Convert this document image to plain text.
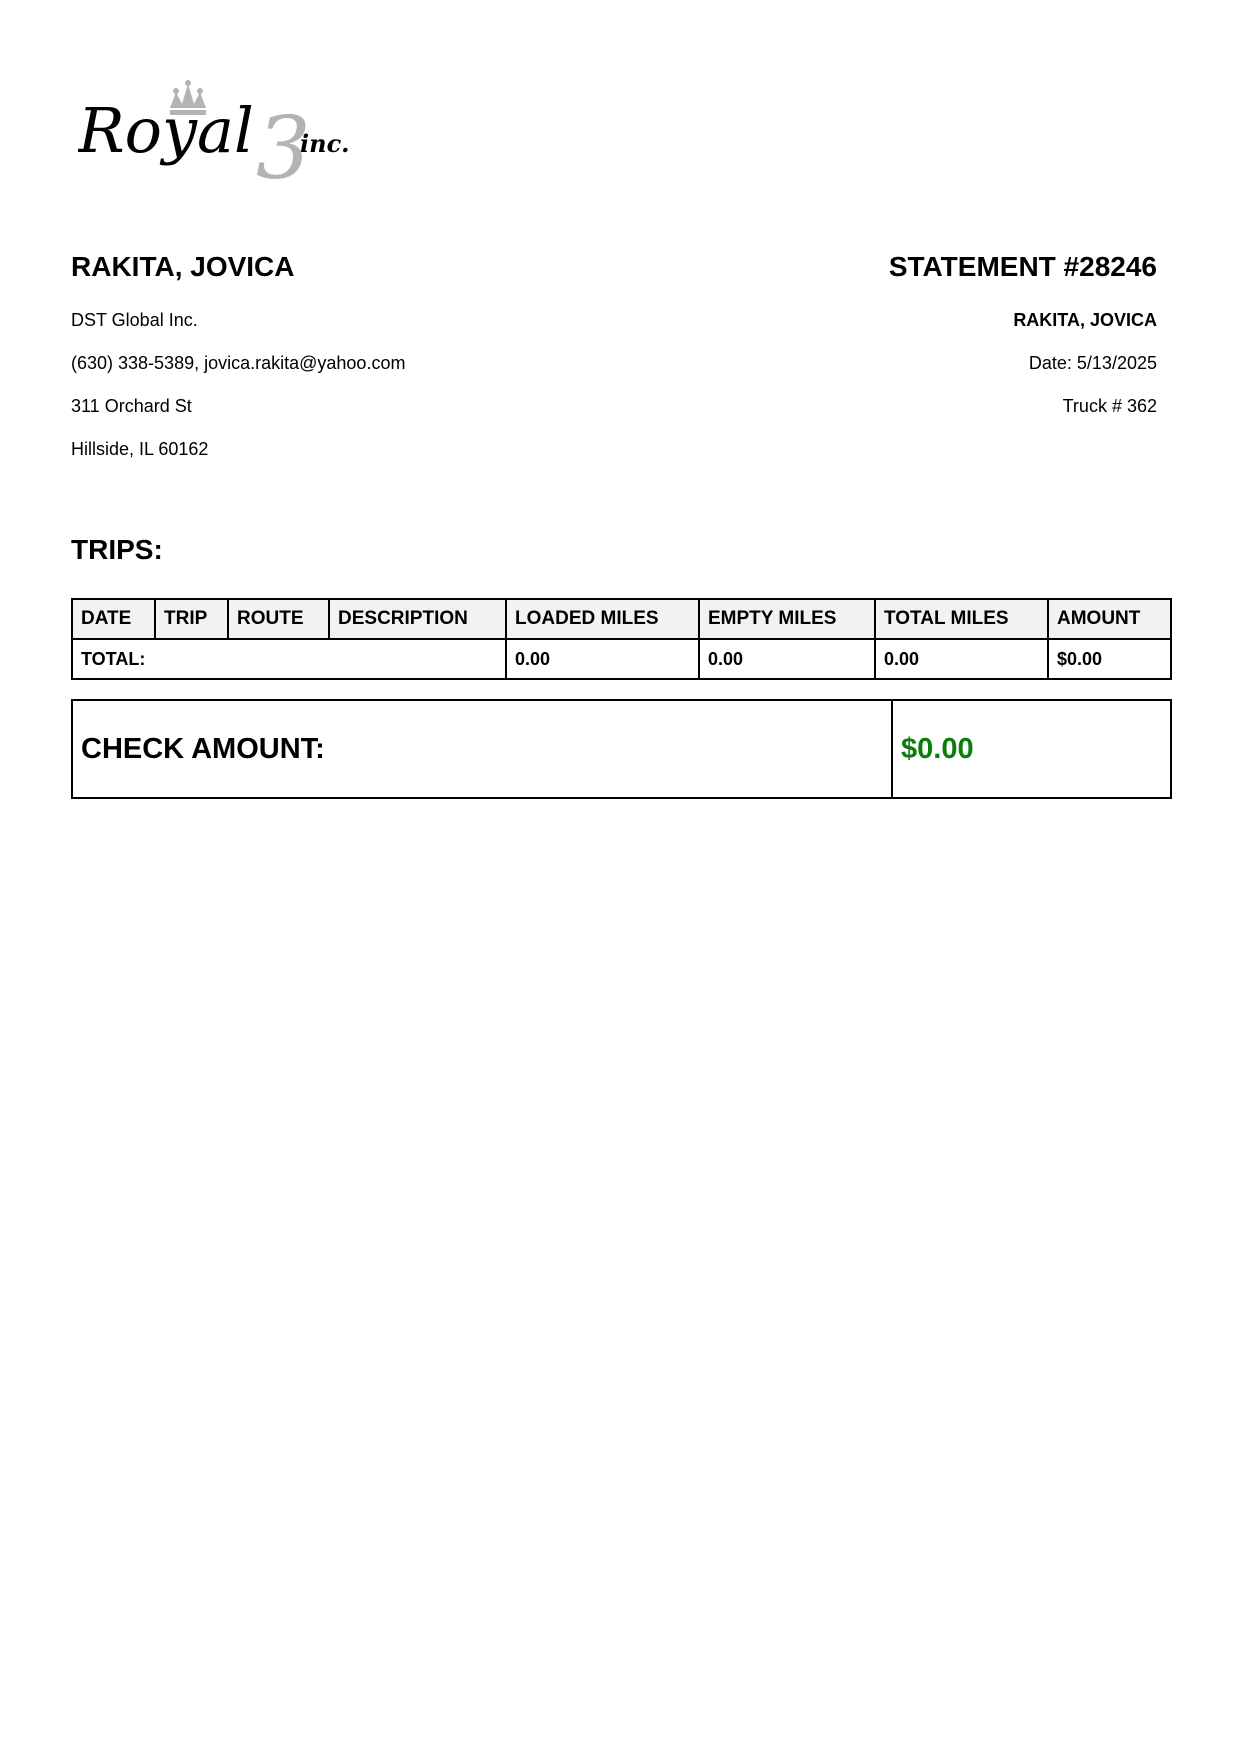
Royal 3
inc.
RAKITA, JOVICA	STATEMENT #28246
DST Global Inc.
(630) 338-5389, jovica.rakita@yahoo.com
311 Orchard St
Hillside, IL 60162
RAKITA, JOVICA
Date: 5/13/2025
Truck # 362
TRIPS:
DATE	TRIP	ROUTE	DESCRIPTION	LOADED MILES	EMPTY MILES	TOTAL MILES	AMOUNT
TOTAL:				0.00	0.00	0.00	$0.00
CHECK AMOUNT:	$0.00
